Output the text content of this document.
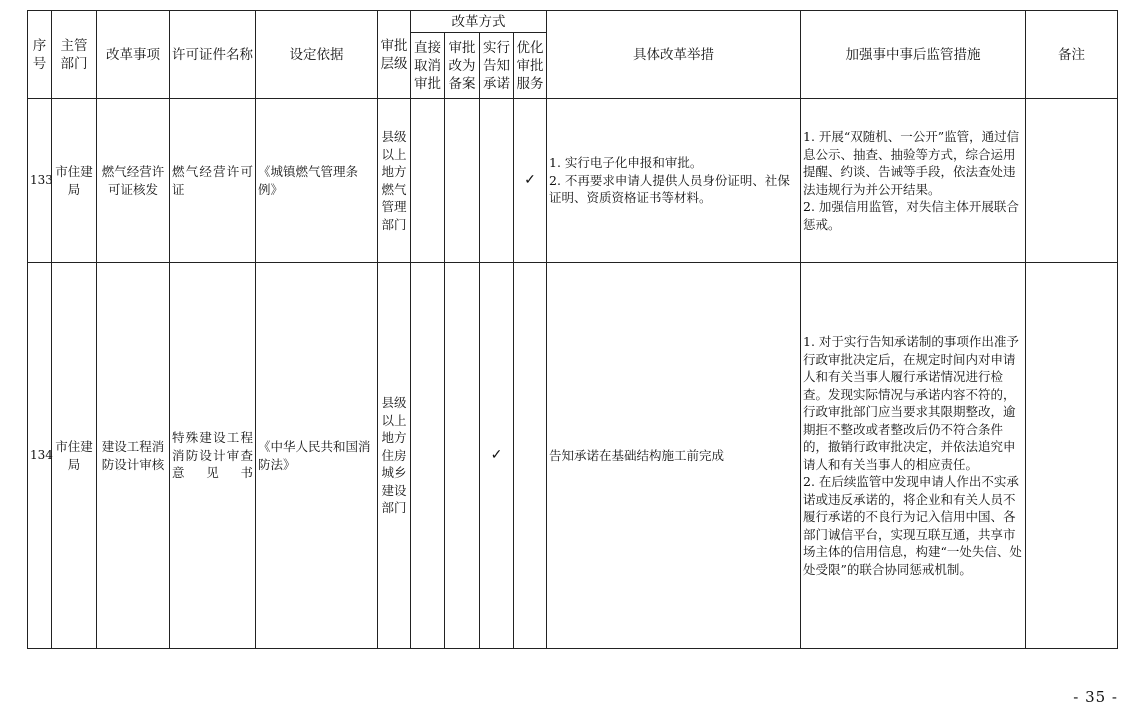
序号	主管部门	改革事项	许可证件名称	设定依据	审批层级	改革方式				具体改革举措	加强事中事后监管措施	备注
						直接取消审批	审批改为备案	实行告知承诺	优化审批服务			
133	市住建局	燃气经营许可证核发	燃气经营许可证	《城镇燃气管理条例》	县级以上地方燃气管理部门				✓	1. 实行电子化申报和审批。
2. 不再要求申请人提供人员身份证明、社保证明、资质资格证书等材料。	1. 开展“双随机、一公开”监管，通过信息公示、抽查、抽验等方式，综合运用提醒、约谈、告诫等手段，依法查处违法违规行为并公开结果。
2. 加强信用监管，对失信主体开展联合惩戒。	
134	市住建局	建设工程消防设计审核	特殊建设工程消防设计审查意见书	《中华人民共和国消防法》	县级以上地方住房城乡建设部门			✓		告知承诺在基础结构施工前完成	1. 对于实行告知承诺制的事项作出准予行政审批决定后，在规定时间内对申请人和有关当事人履行承诺情况进行检查。发现实际情况与承诺内容不符的，行政审批部门应当要求其限期整改，逾期拒不整改或者整改后仍不符合条件的，撤销行政审批决定，并依法追究申请人和有关当事人的相应责任。
2. 在后续监管中发现申请人作出不实承诺或违反承诺的，将企业和有关人员不履行承诺的不良行为记入信用中国、各部门诚信平台，实现互联互通，共享市场主体的信用信息，构建“一处失信、处处受限”的联合协同惩戒机制。	
- 35 -
